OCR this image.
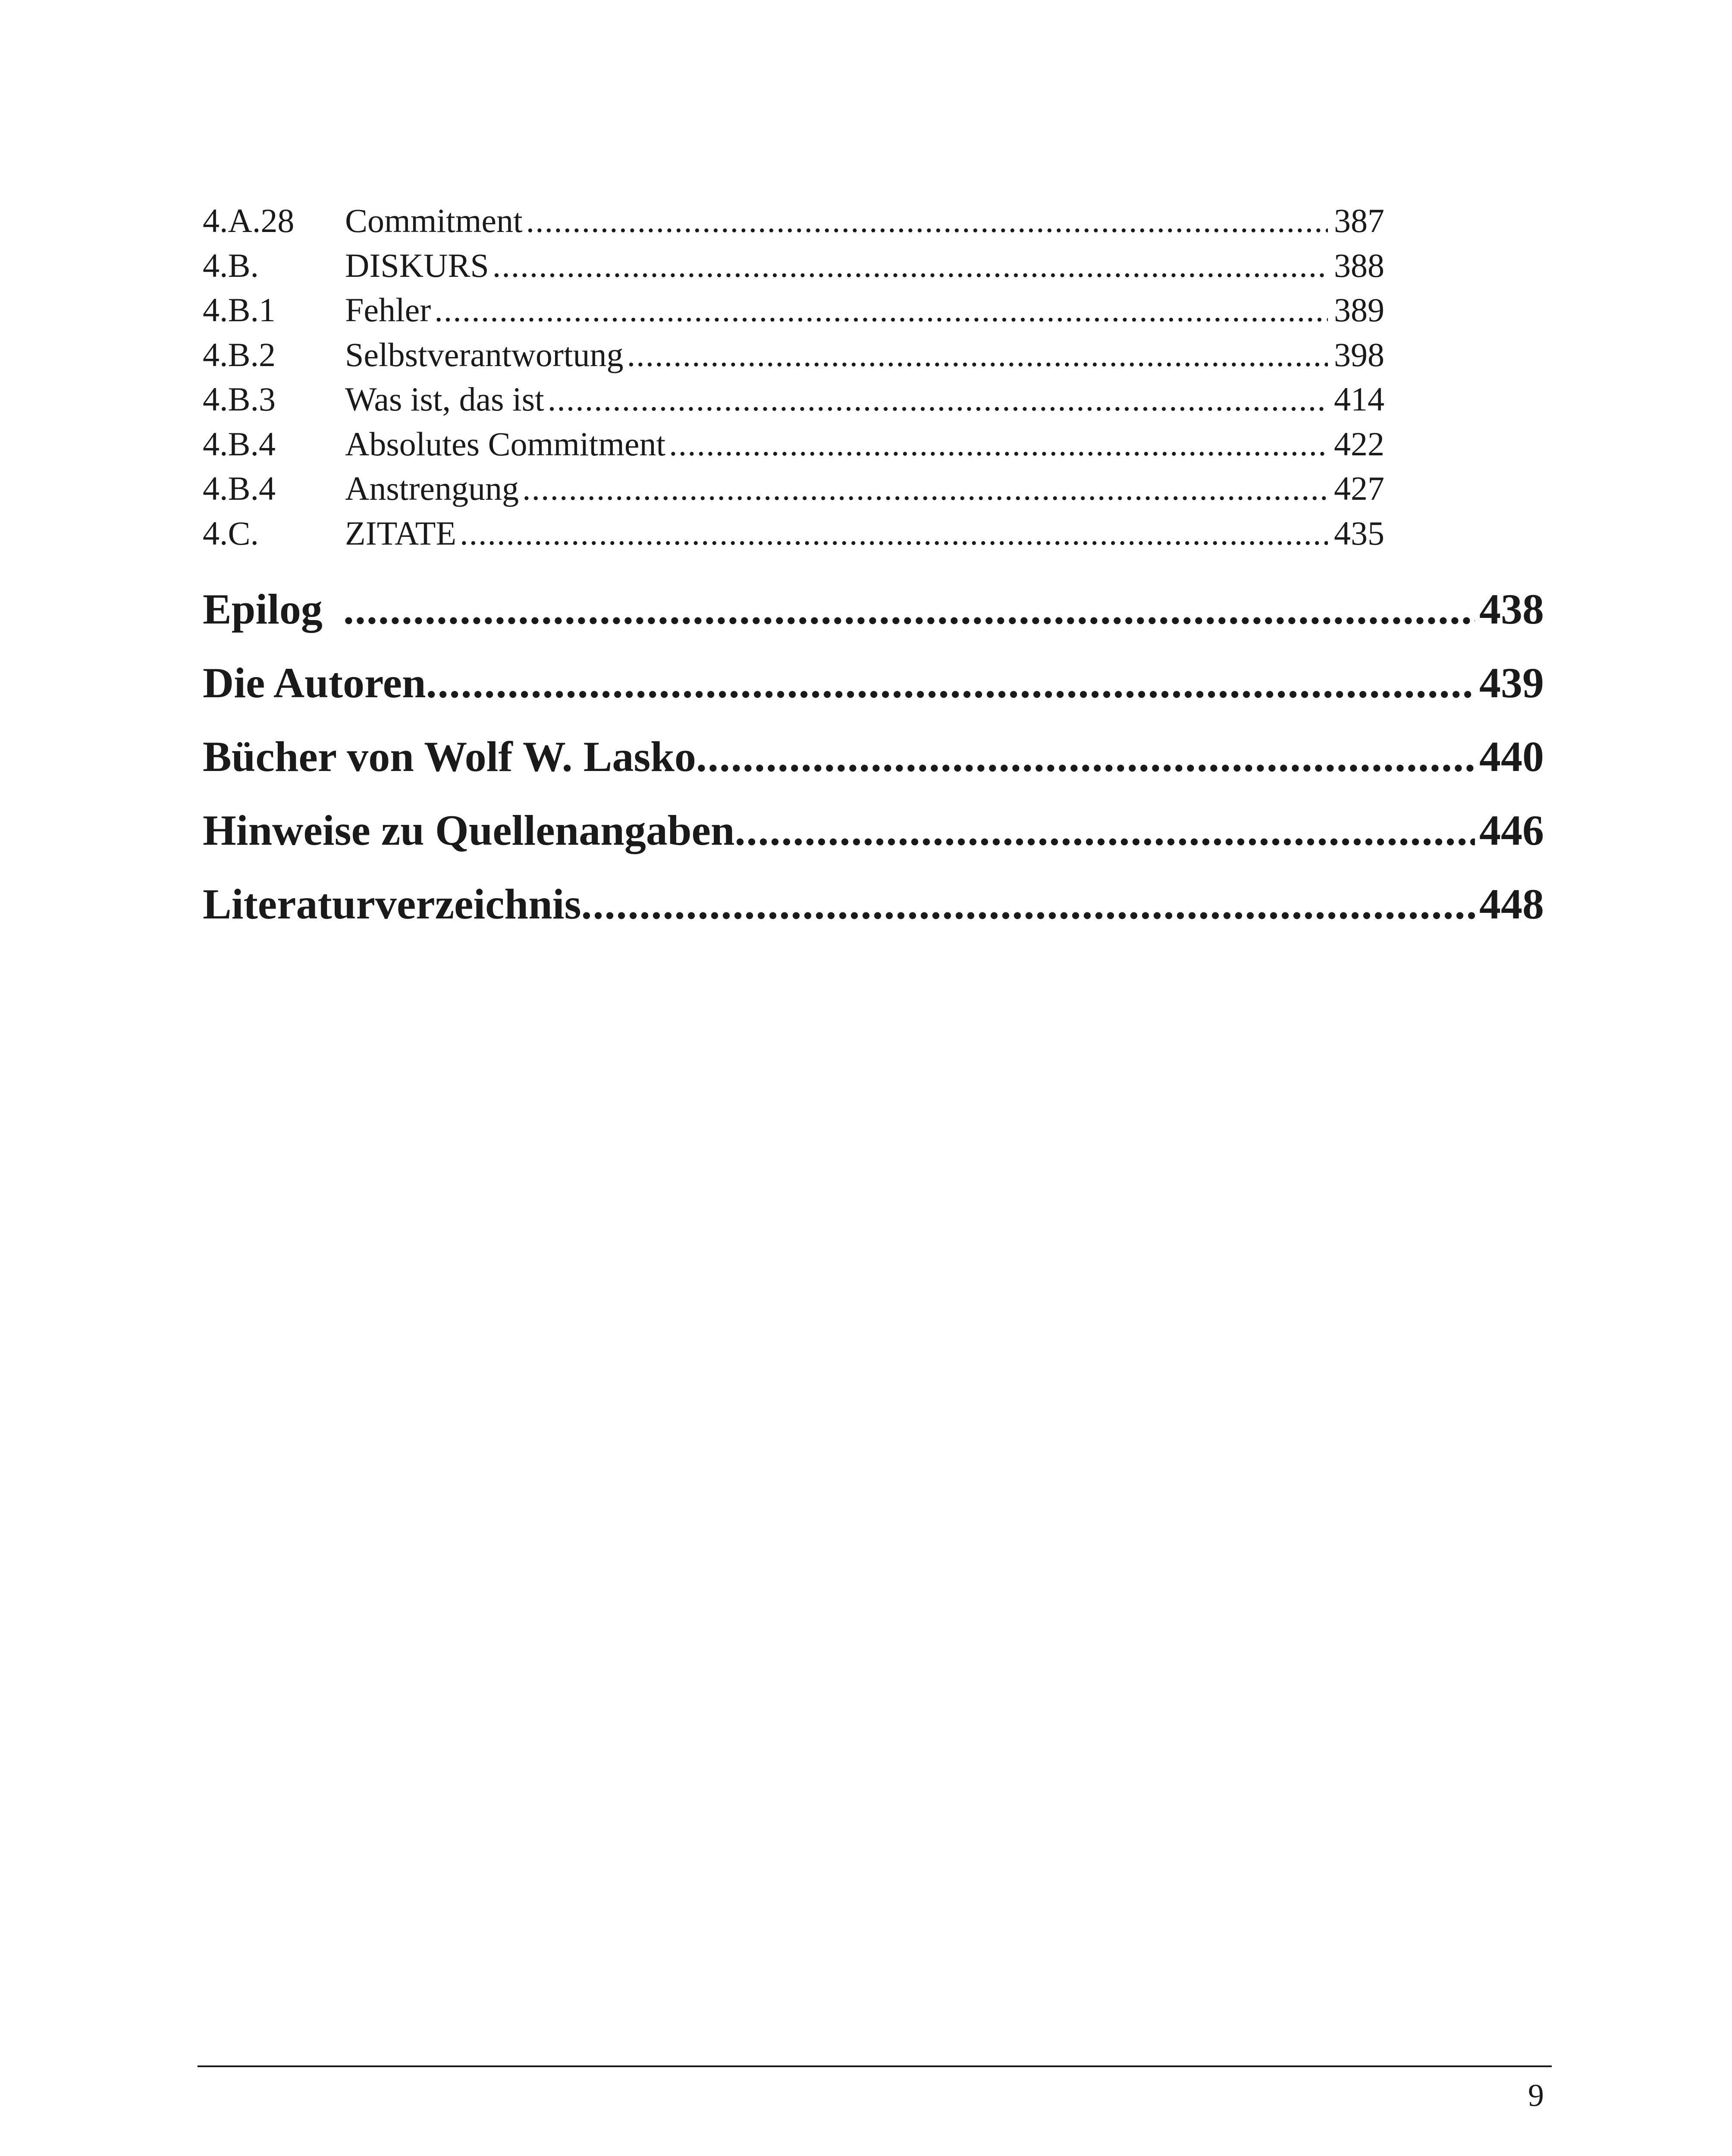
4.A.28	Commitment .....	387
4.B.	DISKURS .....	388
4.B.1	Fehler .....	389
4.B.2	Selbstverantwortung .....	398
4.B.3	Was ist, das ist .....	414
4.B.4	Absolutes Commitment .....	422
4.B.4	Anstrengung .....	427
4.C.	ZITATE .....	435
Epilog .....	438
Die Autoren .....	439
Bücher von Wolf W. Lasko .....	440
Hinweise zu Quellenangaben .....	446
Literaturverzeichnis .....	448
9
